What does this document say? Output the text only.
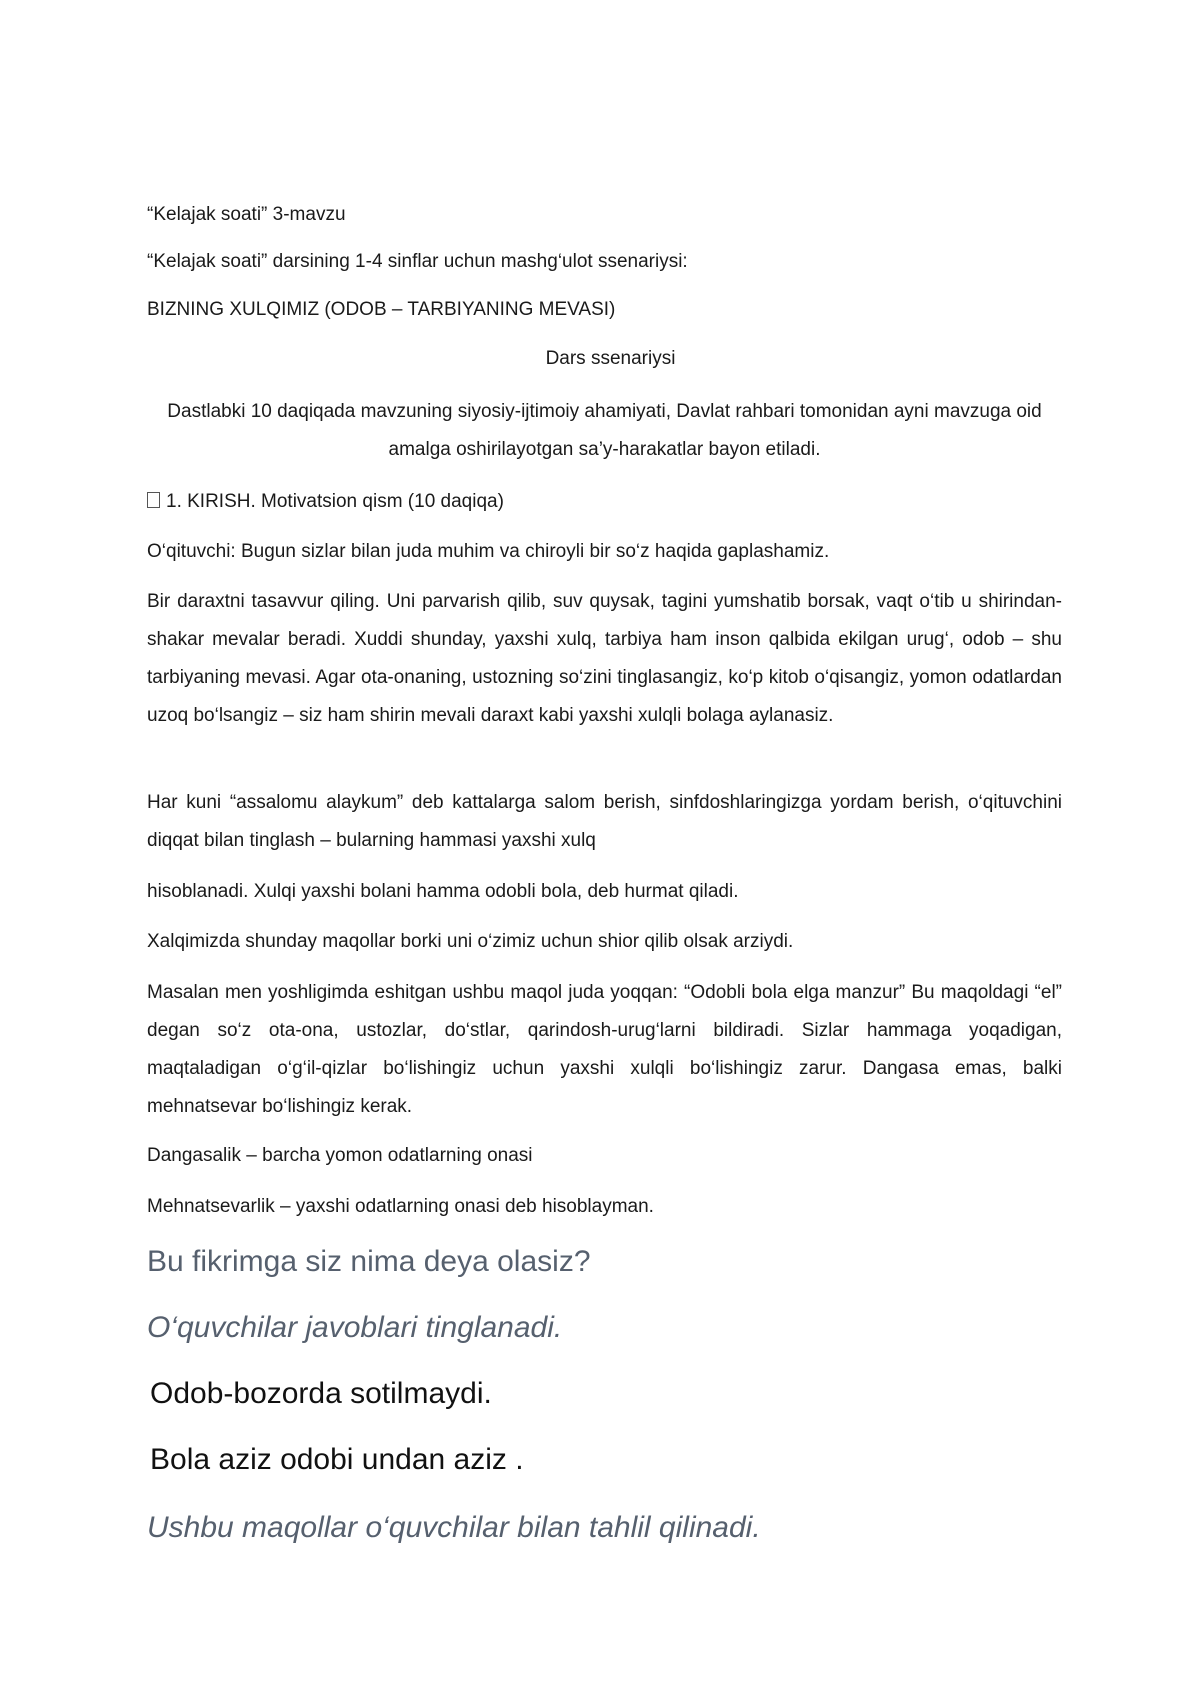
“Kelajak soati” 3-mavzu

“Kelajak soati” darsining 1-4 sinflar uchun mashg‘ulot ssenariysi:

BIZNING XULQIMIZ (ODOB – TARBIYANING MEVASI)

Dars ssenariysi

Dastlabki 10 daqiqada mavzuning siyosiy-ijtimoiy ahamiyati, Davlat rahbari tomonidan ayni mavzuga oid amalga oshirilayotgan sa’y-harakatlar bayon etiladi.

1. KIRISH. Motivatsion qism (10 daqiqa)

O‘qituvchi: Bugun sizlar bilan juda muhim va chiroyli bir so‘z haqida gaplashamiz.

Bir daraxtni tasavvur qiling. Uni parvarish qilib, suv quysak, tagini yumshatib borsak, vaqt o‘tib u shirindan-shakar mevalar beradi. Xuddi shunday, yaxshi xulq, tarbiya ham inson qalbida ekilgan urug‘, odob – shu tarbiyaning mevasi. Agar ota-onaning, ustozning so‘zini tinglasangiz, ko‘p kitob o‘qisangiz, yomon odatlardan uzoq bo‘lsangiz – siz ham shirin mevali daraxt kabi yaxshi xulqli bolaga aylanasiz.

Har kuni “assalomu alaykum” deb kattalarga salom berish, sinfdoshlaringizga yordam berish, o‘qituvchini diqqat bilan tinglash – bularning hammasi yaxshi xulq

hisoblanadi. Xulqi yaxshi bolani hamma odobli bola, deb hurmat qiladi.

Xalqimizda shunday maqollar borki uni o‘zimiz uchun shior qilib olsak arziydi.

Masalan men yoshligimda eshitgan ushbu maqol juda yoqqan: “Odobli bola elga manzur” Bu maqoldagi “el” degan so‘z ota-ona, ustozlar, do‘stlar, qarindosh-urug‘larni bildiradi. Sizlar hammaga yoqadigan, maqtaladigan o‘g‘il-qizlar bo‘lishingiz uchun yaxshi xulqli bo‘lishingiz zarur. Dangasa emas, balki mehnatsevar bo‘lishingiz kerak.

Dangasalik – barcha yomon odatlarning onasi

Mehnatsevarlik – yaxshi odatlarning onasi deb hisoblayman.

Bu fikrimga siz nima deya olasiz?

O‘quvchilar javoblari tinglanadi.

Odob-bozorda sotilmaydi.

Bola aziz odobi undan aziz .

Ushbu maqollar o‘quvchilar bilan tahlil qilinadi.
